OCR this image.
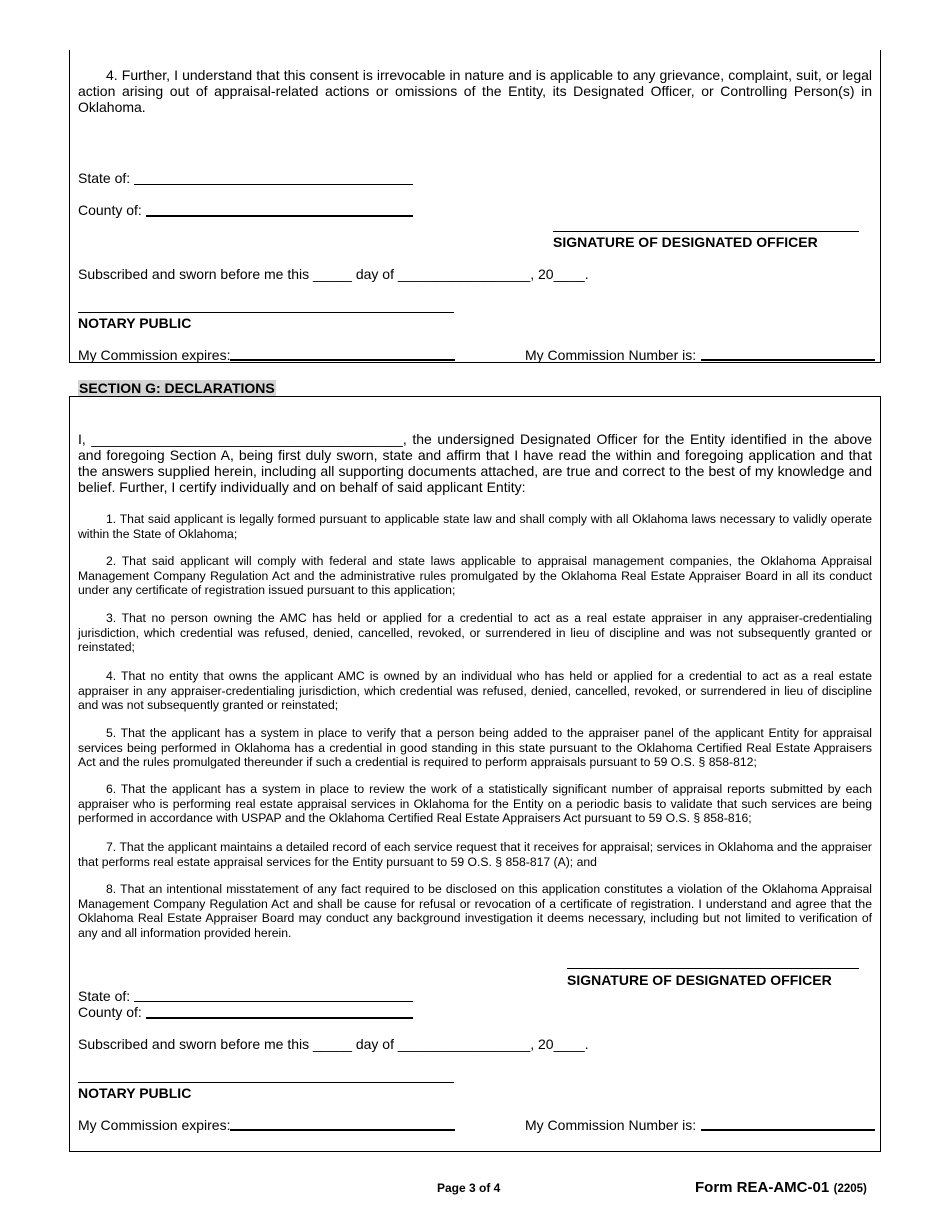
4. Further, I understand that this consent is irrevocable in nature and is applicable to any grievance, complaint, suit, or legal action arising out of appraisal-related actions or omissions of the Entity, its Designated Officer, or Controlling Person(s) in Oklahoma.
State of:
County of:
SIGNATURE OF DESIGNATED OFFICER
Subscribed and sworn before me this _____ day of _________________, 20____.
NOTARY PUBLIC
My Commission expires:	My Commission Number is:
SECTION G: DECLARATIONS
I, ________________________________________, the undersigned Designated Officer for the Entity identified in the above and foregoing Section A, being first duly sworn, state and affirm that I have read the within and foregoing application and that the answers supplied herein, including all supporting documents attached, are true and correct to the best of my knowledge and belief. Further, I certify individually and on behalf of said applicant Entity:
1. That said applicant is legally formed pursuant to applicable state law and shall comply with all Oklahoma laws necessary to validly operate within the State of Oklahoma;
2. That said applicant will comply with federal and state laws applicable to appraisal management companies, the Oklahoma Appraisal Management Company Regulation Act and the administrative rules promulgated by the Oklahoma Real Estate Appraiser Board in all its conduct under any certificate of registration issued pursuant to this application;
3. That no person owning the AMC has held or applied for a credential to act as a real estate appraiser in any appraiser-credentialing jurisdiction, which credential was refused, denied, cancelled, revoked, or surrendered in lieu of discipline and was not subsequently granted or reinstated;
4. That no entity that owns the applicant AMC is owned by an individual who has held or applied for a credential to act as a real estate appraiser in any appraiser-credentialing jurisdiction, which credential was refused, denied, cancelled, revoked, or surrendered in lieu of discipline and was not subsequently granted or reinstated;
5. That the applicant has a system in place to verify that a person being added to the appraiser panel of the applicant Entity for appraisal services being performed in Oklahoma has a credential in good standing in this state pursuant to the Oklahoma Certified Real Estate Appraisers Act and the rules promulgated thereunder if such a credential is required to perform appraisals pursuant to 59 O.S. § 858-812;
6. That the applicant has a system in place to review the work of a statistically significant number of appraisal reports submitted by each appraiser who is performing real estate appraisal services in Oklahoma for the Entity on a periodic basis to validate that such services are being performed in accordance with USPAP and the Oklahoma Certified Real Estate Appraisers Act pursuant to 59 O.S. § 858-816;
7. That the applicant maintains a detailed record of each service request that it receives for appraisal; services in Oklahoma and the appraiser that performs real estate appraisal services for the Entity pursuant to 59 O.S. § 858-817 (A); and
8. That an intentional misstatement of any fact required to be disclosed on this application constitutes a violation of the Oklahoma Appraisal Management Company Regulation Act and shall be cause for refusal or revocation of a certificate of registration. I understand and agree that the Oklahoma Real Estate Appraiser Board may conduct any background investigation it deems necessary, including but not limited to verification of any and all information provided herein.
SIGNATURE OF DESIGNATED OFFICER
State of:
County of:
Subscribed and sworn before me this _____ day of _________________, 20____.
NOTARY PUBLIC
My Commission expires:	My Commission Number is:
Page 3 of 4	Form REA-AMC-01 (2205)
